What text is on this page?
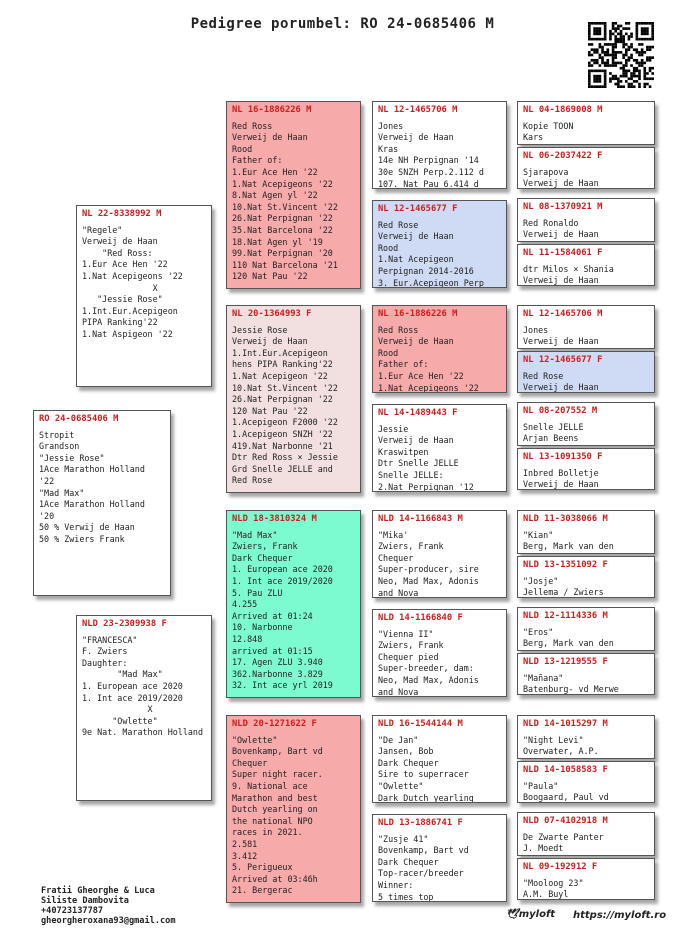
Pedigree porumbel: RO 24-0685406 M
RO 24-0685406 M
Stropit
Grandson
"Jessie Rose"
1Ace Marathon Holland
'22
"Mad Max"
1Ace Marathon Holland
'20
50 % Verwij de Haan
50 % Zwiers Frank
NL 22-8338992 M
"Regele"
Verweij de Haan
"Red Ross:
1.Eur Ace Hen '22
1.Nat Acepigeons '22
X
"Jessie Rose"
1.Int.Eur.Acepigeon
PIPA Ranking'22
1.Nat Aspigeon '22
NLD 23-2309938 F
"FRANCESCA"
F. Zwiers
Daughter:
"Mad Max"
1. European ace 2020
1. Int ace 2019/2020
X
"Owlette"
9e Nat. Marathon Holland
NL 16-1886226 M
Red Ross
Verweij de Haan
Rood
Father of:
1.Eur Ace Hen '22
1.Nat Acepigeons '22
8.Nat Agen yl '22
10.Nat St.Vincent '22
26.Nat Perpignan '22
35.Nat Barcelona '22
18.Nat Agen yl '19
99.Nat Perpignan '20
110 Nat Barcelona '21
120 Nat Pau '22
NL 20-1364993 F
Jessie Rose
Verweij de Haan
1.Int.Eur.Acepigeon
hens PIPA Ranking'22
1.Nat Acepigeon '22
10.Nat St.Vincent '22
26.Nat Perpignan '22
120 Nat Pau '22
1.Acepigeon F2000 '22
1.Acepigeon SNZH '22
419.Nat Narbonne '21
Dtr Red Ross × Jessie
Grd Snelle JELLE and
Red Rose
NLD 18-3810324 M
"Mad Max"
Zwiers, Frank
Dark Chequer
1. European ace 2020
1. Int ace 2019/2020
5. Pau ZLU
4.255
Arrived at 01:24
10. Narbonne
12.848
arrived at 01:15
17. Agen ZLU 3.940
362.Narbonne 3.829
32. Int ace yrl 2019
NLD 20-1271622 F
"Owlette"
Bovenkamp, Bart vd
Chequer
Super night racer.
9. National ace
Marathon and best
Dutch yearling on
the national NPO
races in 2021.
2.581
3.412
5. Perigueux
Arrived at 03:46h
21. Bergerac
NL 12-1465706 M
Jones
Verweij de Haan
Kras
14e NH Perpignan '14
30e SNZH Perp.2.112 d
107. Nat Pau 6.414 d
NL 12-1465677 F
Red Rose
Verweij de Haan
Rood
1.Nat Acepigeon
Perpignan 2014-2016
3. Eur.Acepigeon Perp
NL 16-1886226 M
Red Ross
Verweij de Haan
Rood
Father of:
1.Eur Ace Hen '22
1.Nat Acepigeons '22
NL 14-1489443 F
Jessie
Verweij de Haan
Kraswitpen
Dtr Snelle JELLE
Snelle JELLE:
2.Nat Perpignan '12
NLD 14-1166843 M
"Mika'
Zwiers, Frank
Chequer
Super-producer, sire
Neo, Mad Max, Adonis
and Nova
NLD 14-1166840 F
"Vienna II"
Zwiers, Frank
Chequer pied
Super-breeder, dam:
Neo, Mad Max, Adonis
and Nova
NLD 16-1544144 M
"De Jan"
Jansen, Bob
Dark Chequer
Sire to superracer
"Owlette"
Dark Dutch yearling
NLD 13-1886741 F
"Zusje 41"
Bovenkamp, Bart vd
Dark Chequer
Top-racer/breeder
Winner:
5 times top
NL 04-1869008 M
Kopie TOON
Kars
NL 06-2037422 F
Sjarapova
Verweij de Haan
NL 08-1370921 M
Red Ronaldo
Verweij de Haan
NL 11-1584061 F
dtr Milos × Shania
Verweij de Haan
NL 12-1465706 M
Jones
Verweij de Haan
NL 12-1465677 F
Red Rose
Verweij de Haan
NL 08-207552 M
Snelle JELLE
Arjan Beens
NL 13-1091350 F
Inbred Bolletje
Verweij de Haan
NLD 11-3038066 M
"Kian"
Berg, Mark van den
NLD 13-1351092 F
"Josje"
Jellema / Zwiers
NLD 12-1114336 M
"Eros"
Berg, Mark van den
NLD 13-1219555 F
"Mañana"
Batenburg- vd Merwe
NLD 14-1015297 M
"Night Levi"
Overwater, A.P.
NLD 14-1058583 F
"Paula"
Boogaard, Paul vd
NLD 07-4102918 M
De Zwarte Panter
J. Moedt
NL 09-192912 F
"Mooloog 23"
A.M. Buyl
Fratii Gheorghe & Luca
Siliste Dambovita
+40723137787
gheorgheroxana93@gmail.com
🕊myloft https://myloft.ro
